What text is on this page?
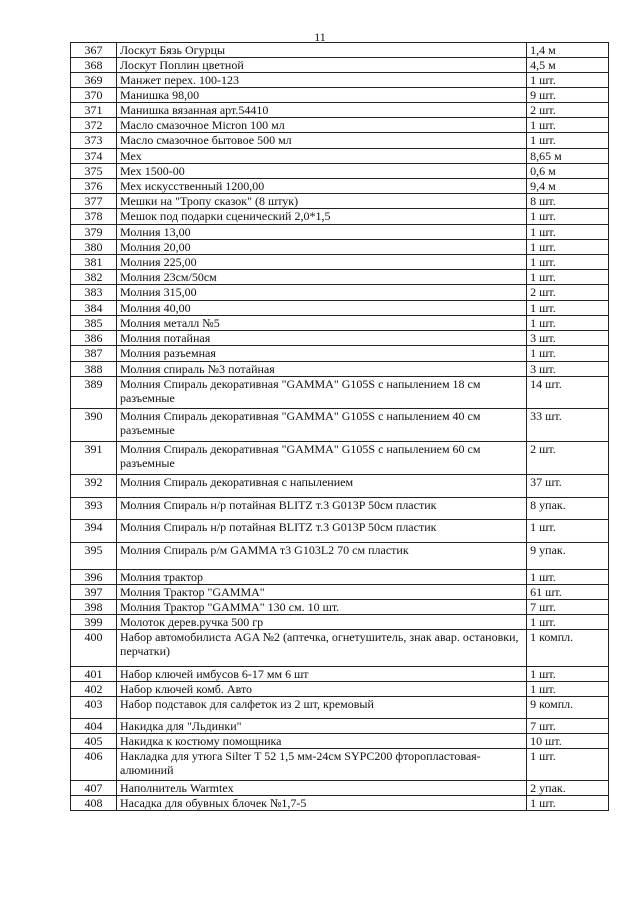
11
367	Лоскут Бязь Огурцы	1,4 м
368	Лоскут Поплин цветной	4,5 м
369	Манжет перех. 100-123	1 шт.
370	Манишка 98,00	9 шт.
371	Манишка вязанная арт.54410	2 шт.
372	Масло смазочное Micron 100 мл	1 шт.
373	Масло смазочное бытовое 500 мл	1 шт.
374	Мех	8,65 м
375	Мех 1500-00	0,6 м
376	Мех искусственный 1200,00	9,4 м
377	Мешки на "Тропу сказок" (8 штук)	8 шт.
378	Мешок под подарки сценический 2,0*1,5	1 шт.
379	Молния 13,00	1 шт.
380	Молния 20,00	1 шт.
381	Молния 225,00	1 шт.
382	Молния 23см/50см	1 шт.
383	Молния 315,00	2 шт.
384	Молния 40,00	1 шт.
385	Молния металл №5	1 шт.
386	Молния потайная	3 шт.
387	Молния разъемная	1 шт.
388	Молния спираль №3 потайная	3 шт.
389	Молния Спираль декоративная "GAMMA" G105S с напылением 18 см разъемные	14 шт.
390	Молния Спираль декоративная "GAMMA" G105S с напылением 40 см разъемные	33 шт.
391	Молния Спираль декоративная "GAMMA" G105S с напылением 60 см разъемные	2 шт.
392	Молния Спираль декоративная с напылением	37 шт.
393	Молния Спираль н/р потайная BLITZ т.3 G013P 50см пластик	8 упак.
394	Молния Спираль н/р потайная BLITZ т.3 G013P 50см пластик	1 шт.
395	Молния Спираль р/м GAMMA т3 G103L2 70 см пластик	9 упак.
396	Молния трактор	1 шт.
397	Молния Трактор "GAMMA"	61 шт.
398	Молния Трактор "GAMMA" 130 см. 10 шт.	7 шт.
399	Молоток дерев.ручка 500 гр	1 шт.
400	Набор автомобилиста AGA №2 (аптечка, огнетушитель, знак авар. остановки, перчатки)	1 компл.
401	Набор ключей имбусов 6-17 мм 6 шт	1 шт.
402	Набор ключей комб. Авто	1 шт.
403	Набор подставок для салфеток из 2 шт, кремовый	9 компл.
404	Накидка для "Льдинки"	7 шт.
405	Накидка к костюму помощника	10 шт.
406	Накладка для утюга Silter T 52 1,5 мм-24см SYPC200 фторопластовая-алюминий	1 шт.
407	Наполнитель Warmtex	2 упак.
408	Насадка для обувных блочек №1,7-5	1 шт.
